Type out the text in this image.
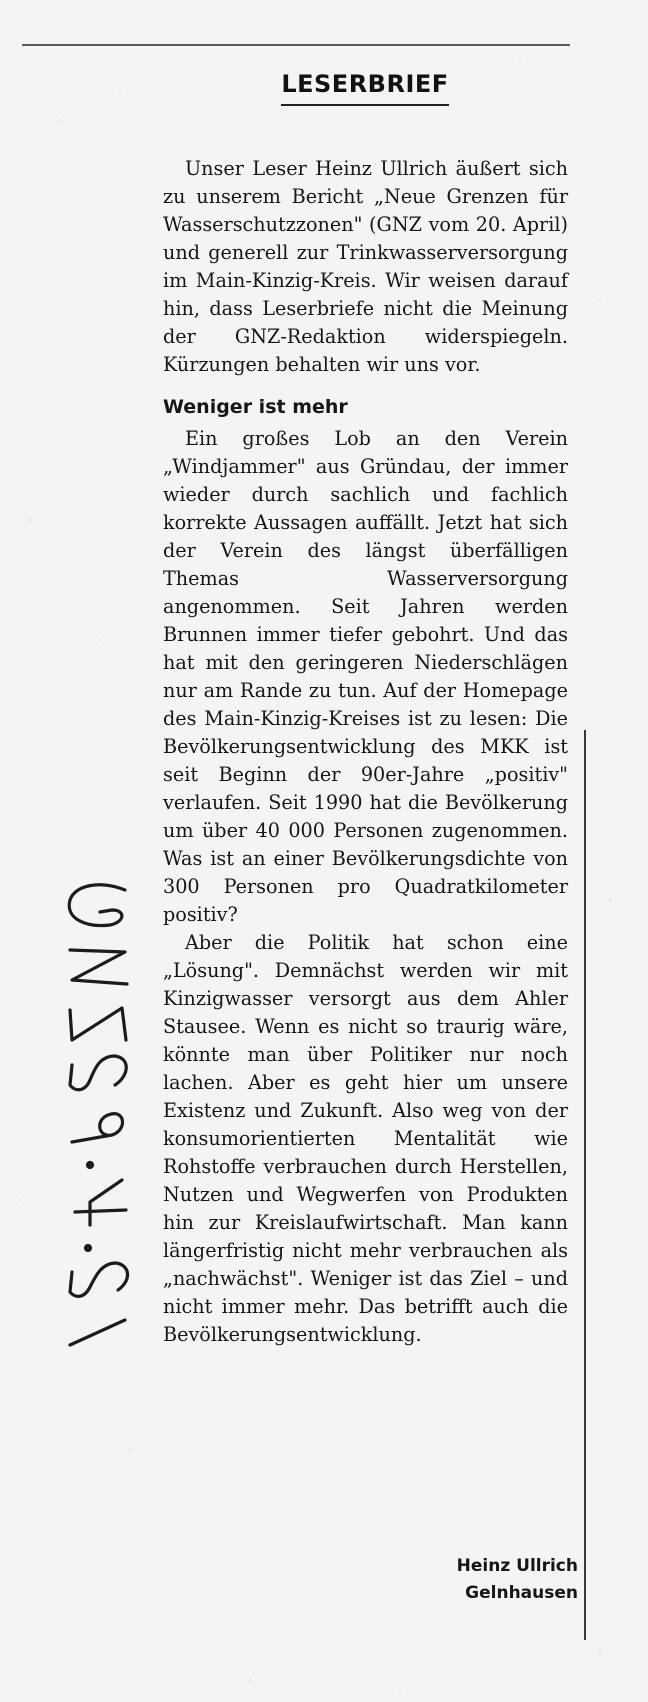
LESERBRIEF

Unser Leser Heinz Ullrich äußert sich zu unserem Bericht „Neue Grenzen für Wasserschutzzonen" (GNZ vom 20. April) und generell zur Trinkwasserversorgung im Main-Kinzig-Kreis. Wir weisen darauf hin, dass Leserbriefe nicht die Meinung der GNZ-Redaktion widerspiegeln. Kürzungen behalten wir uns vor.

Weniger ist mehr

Ein großes Lob an den Verein „Windjammer" aus Gründau, der immer wieder durch sachlich und fachlich korrekte Aussagen auffällt. Jetzt hat sich der Verein des längst überfälligen Themas Wasserversorgung angenommen. Seit Jahren werden Brunnen immer tiefer gebohrt. Und das hat mit den geringeren Niederschlägen nur am Rande zu tun. Auf der Homepage des Main-Kinzig-Kreises ist zu lesen: Die Bevölkerungsentwicklung des MKK ist seit Beginn der 90er-Jahre „positiv" verlaufen. Seit 1990 hat die Bevölkerung um über 40 000 Personen zugenommen. Was ist an einer Bevölkerungsdichte von 300 Personen pro Quadratkilometer positiv?

Aber die Politik hat schon eine „Lösung". Demnächst werden wir mit Kinzigwasser versorgt aus dem Ahler Stausee. Wenn es nicht so traurig wäre, könnte man über Politiker nur noch lachen. Aber es geht hier um unsere Existenz und Zukunft. Also weg von der konsumorientierten Mentalität wie Rohstoffe verbrauchen durch Herstellen, Nutzen und Wegwerfen von Produkten hin zur Kreislaufwirtschaft. Man kann längerfristig nicht mehr verbrauchen als „nachwächst". Weniger ist das Ziel – und nicht immer mehr. Das betrifft auch die Bevölkerungsentwicklung.

Heinz Ullrich
Gelnhausen
